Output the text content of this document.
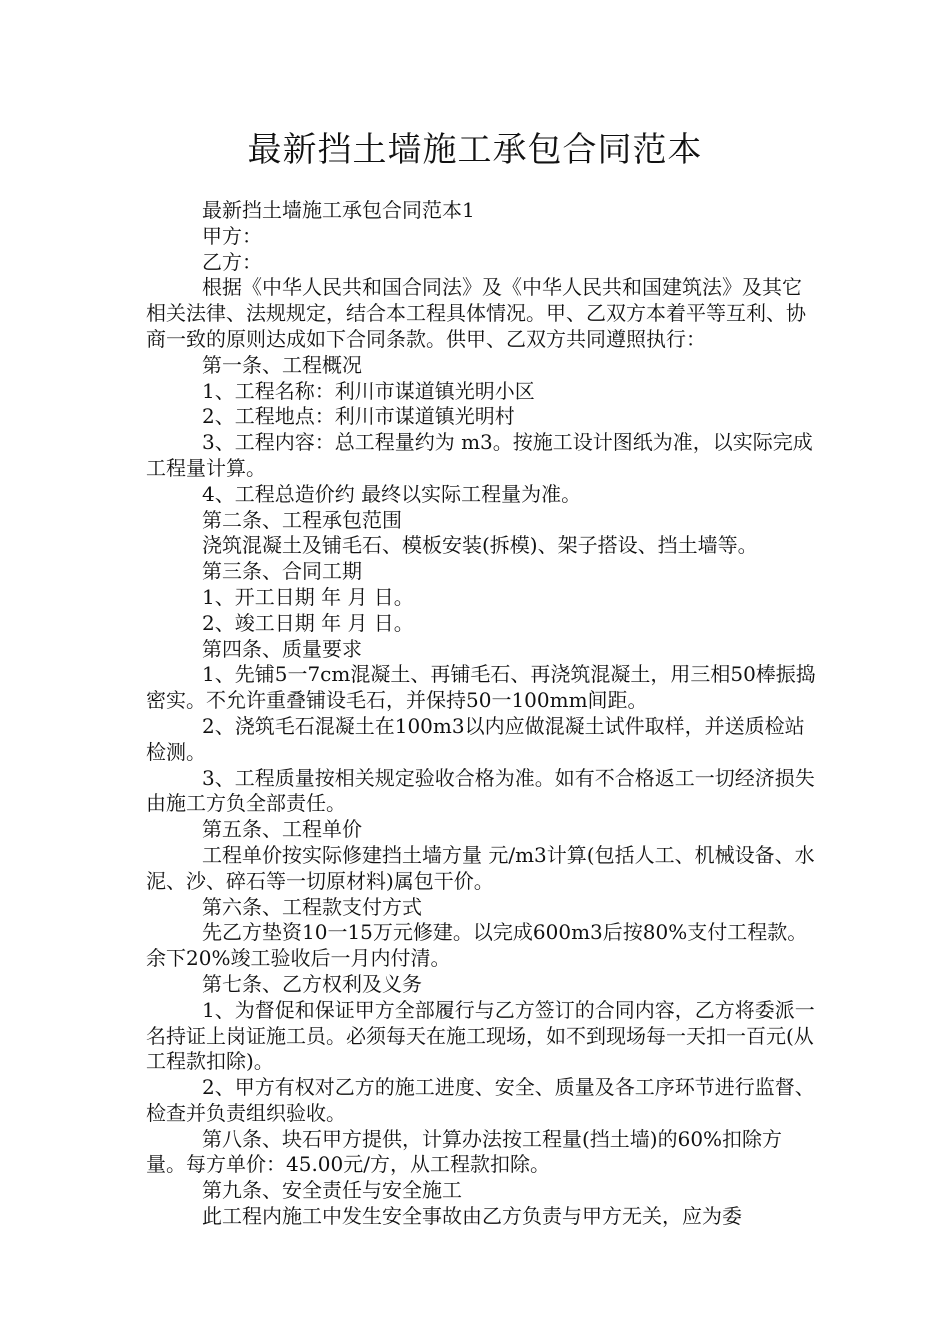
最新挡土墙施工承包合同范本

最新挡土墙施工承包合同范本1

甲方：

乙方：

根据《中华人民共和国合同法》及《中华人民共和国建筑法》及其它相关法律、法规规定，结合本工程具体情况。甲、乙双方本着平等互利、协商一致的原则达成如下合同条款。供甲、乙双方共同遵照执行：

第一条、工程概况

1、工程名称：利川市谋道镇光明小区

2、工程地点：利川市谋道镇光明村

3、工程内容：总工程量约为 m3。按施工设计图纸为准，以实际完成工程量计算。

4、工程总造价约 最终以实际工程量为准。

第二条、工程承包范围

浇筑混凝土及铺毛石、模板安装(拆模)、架子搭设、挡土墙等。

第三条、合同工期

1、开工日期 年 月 日。

2、竣工日期 年 月 日。

第四条、质量要求

1、先铺5一7cm混凝土、再铺毛石、再浇筑混凝土，用三相50棒振捣密实。不允许重叠铺设毛石，并保持50一100mm间距。

2、浇筑毛石混凝土在100m3以内应做混凝土试件取样，并送质检站检测。

3、工程质量按相关规定验收合格为准。如有不合格返工一切经济损失由施工方负全部责任。

第五条、工程单价

工程单价按实际修建挡土墙方量 元/m3计算(包括人工、机械设备、水泥、沙、碎石等一切原材料)属包干价。

第六条、工程款支付方式

先乙方垫资10一15万元修建。以完成600m3后按80%支付工程款。余下20%竣工验收后一月内付清。

第七条、乙方权利及义务

1、为督促和保证甲方全部履行与乙方签订的合同内容，乙方将委派一名持证上岗证施工员。必须每天在施工现场，如不到现场每一天扣一百元(从工程款扣除)。

2、甲方有权对乙方的施工进度、安全、质量及各工序环节进行监督、检查并负责组织验收。

第八条、块石甲方提供，计算办法按工程量(挡土墙)的60%扣除方量。每方单价：45.00元/方，从工程款扣除。

第九条、安全责任与安全施工

此工程内施工中发生安全事故由乙方负责与甲方无关，应为委
